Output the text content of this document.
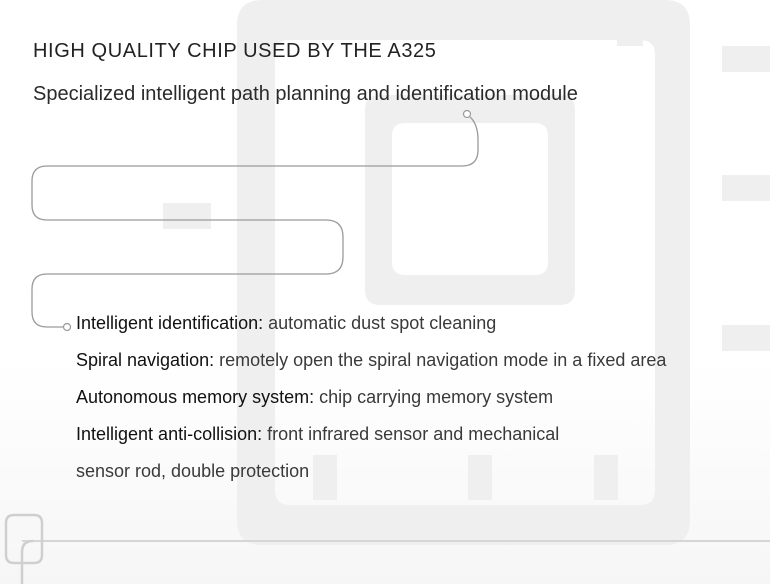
HIGH QUALITY CHIP USED BY THE A325

Specialized intelligent path planning and identification module

Intelligent identification: automatic dust spot cleaning
Spiral navigation: remotely open the spiral navigation mode in a fixed area
Autonomous memory system: chip carrying memory system
Intelligent anti-collision: front infrared sensor and mechanical
sensor rod, double protection
